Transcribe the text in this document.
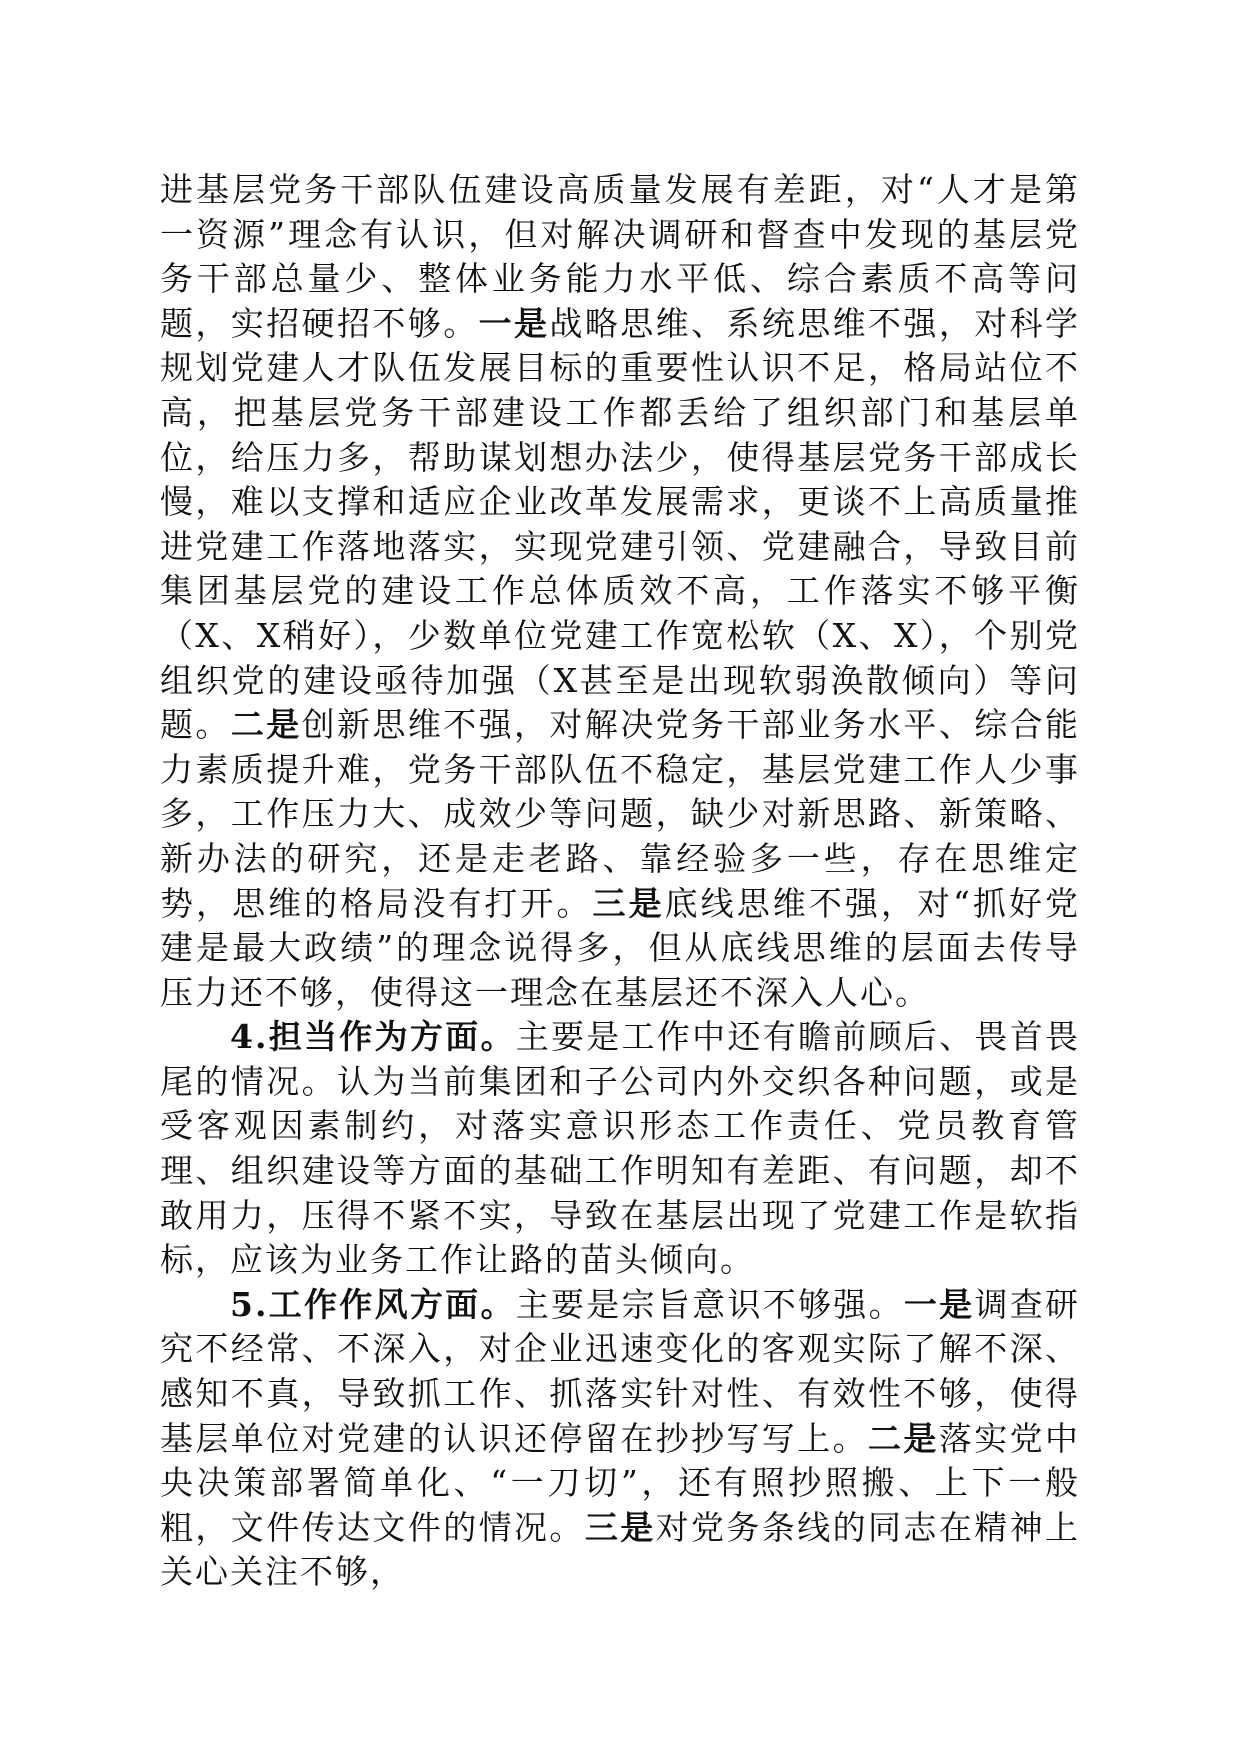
进基层党务干部队伍建设高质量发展有差距，对“人才是第一资源”理念有认识，但对解决调研和督查中发现的基层党务干部总量少、整体业务能力水平低、综合素质不高等问题，实招硬招不够。一是战略思维、系统思维不强，对科学规划党建人才队伍发展目标的重要性认识不足，格局站位不高，把基层党务干部建设工作都丢给了组织部门和基层单位，给压力多，帮助谋划想办法少，使得基层党务干部成长慢，难以支撑和适应企业改革发展需求，更谈不上高质量推进党建工作落地落实，实现党建引领、党建融合，导致目前集团基层党的建设工作总体质效不高，工作落实不够平衡（X、X稍好），少数单位党建工作宽松软（X、X），个别党组织党的建设亟待加强（X甚至是出现软弱涣散倾向）等问题。二是创新思维不强，对解决党务干部业务水平、综合能力素质提升难，党务干部队伍不稳定，基层党建工作人少事多，工作压力大、成效少等问题，缺少对新思路、新策略、新办法的研究，还是走老路、靠经验多一些，存在思维定势，思维的格局没有打开。三是底线思维不强，对“抓好党建是最大政绩”的理念说得多，但从底线思维的层面去传导压力还不够，使得这一理念在基层还不深入人心。

4.担当作为方面。主要是工作中还有瞻前顾后、畏首畏尾的情况。认为当前集团和子公司内外交织各种问题，或是受客观因素制约，对落实意识形态工作责任、党员教育管理、组织建设等方面的基础工作明知有差距、有问题，却不敢用力，压得不紧不实，导致在基层出现了党建工作是软指标，应该为业务工作让路的苗头倾向。

5.工作作风方面。主要是宗旨意识不够强。一是调查研究不经常、不深入，对企业迅速变化的客观实际了解不深、感知不真，导致抓工作、抓落实针对性、有效性不够，使得基层单位对党建的认识还停留在抄抄写写上。二是落实党中央决策部署简单化、“一刀切”，还有照抄照搬、上下一般粗，文件传达文件的情况。三是对党务条线的同志在精神上关心关注不够，
